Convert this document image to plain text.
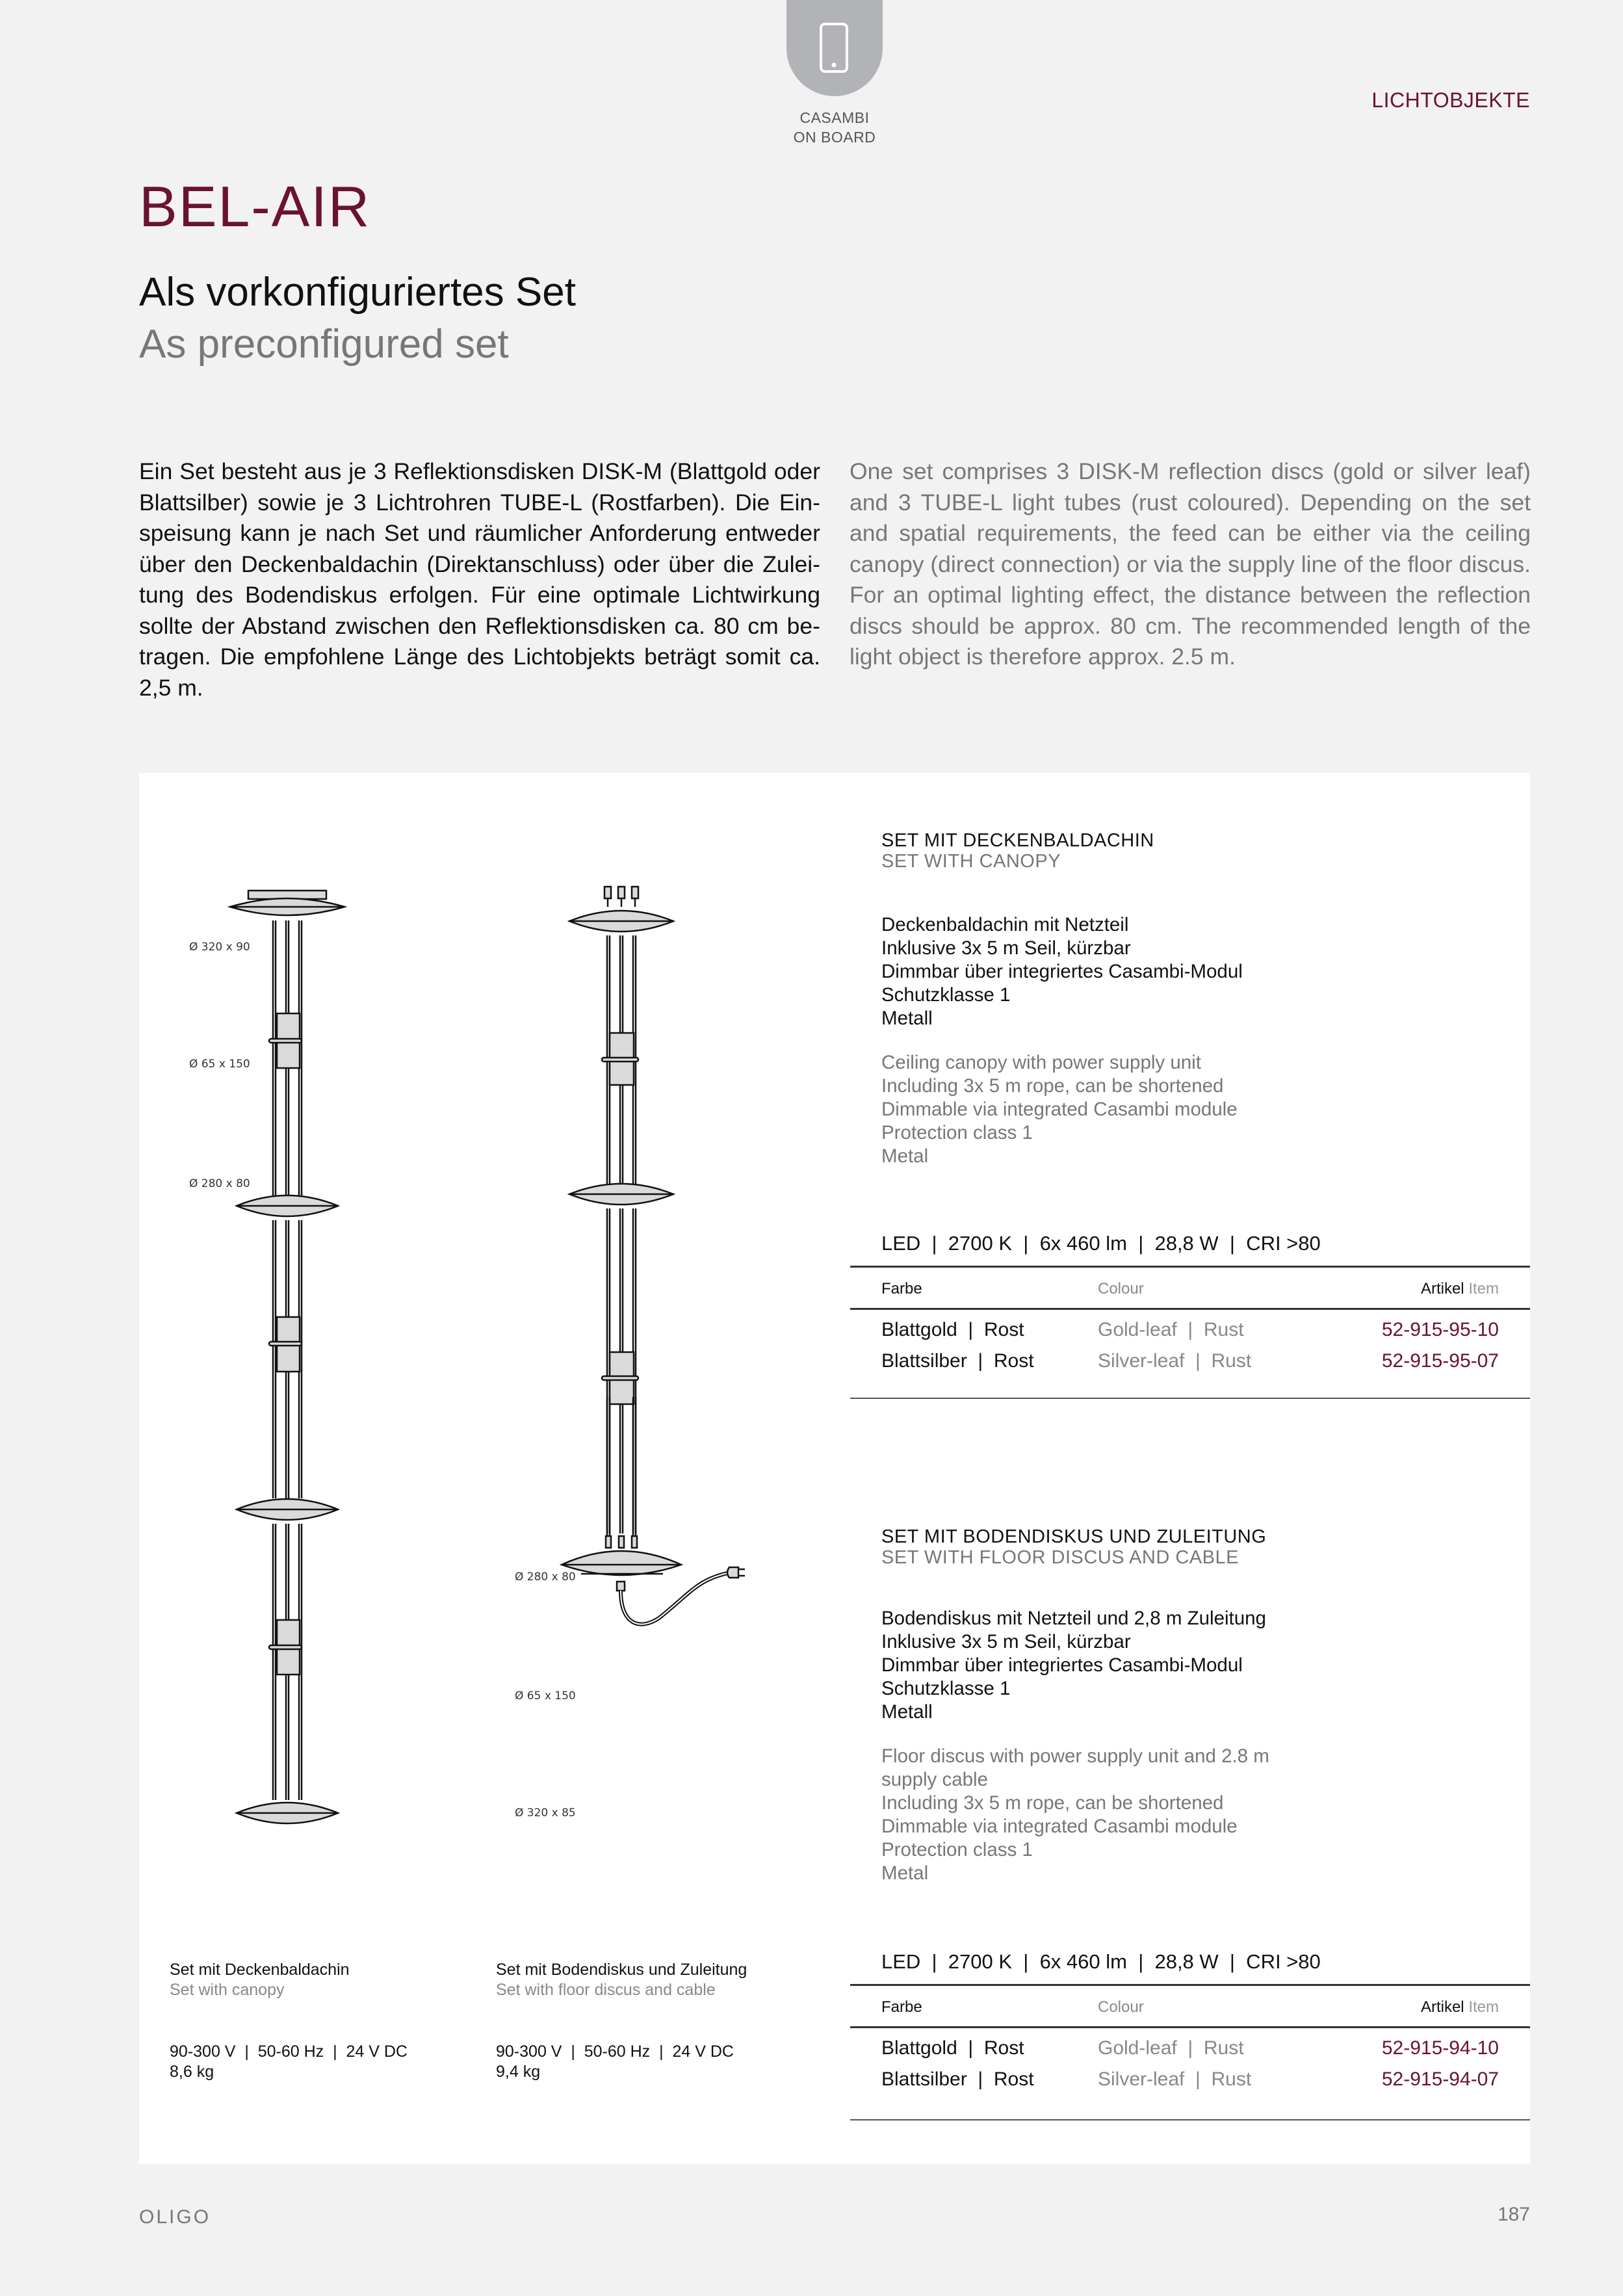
CASAMBI
ON BOARD
LICHTOBJEKTE
BEL-AIR
Als vorkonfiguriertes Set
As preconfigured set

Ein Set besteht aus je 3 Reflektionsdisken DISK-M (Blattgold oder Blattsilber) sowie je 3 Lichtrohren TUBE-L (Rostfarben). Die Einspeisung kann je nach Set und räumlicher Anforderung entweder über den Deckenbaldachin (Direktanschluss) oder über die Zuleitung des Bodendiskus erfolgen. Für eine optimale Lichtwirkung sollte der Abstand zwischen den Reflektionsdisken ca. 80 cm betragen. Die empfohlene Länge des Lichtobjekts beträgt somit ca. 2,5 m.

One set comprises 3 DISK-M reflection discs (gold or silver leaf) and 3 TUBE-L light tubes (rust coloured). Depending on the set and spatial requirements, the feed can be either via the ceiling canopy (direct connection) or via the supply line of the floor discus. For an optimal lighting effect, the distance between the reflection discs should be approx. 80 cm. The recommended length of the light object is therefore approx. 2.5 m.

Ø 320 x 90
Ø 65 x 150
Ø 280 x 80
Set mit Deckenbaldachin
Set with canopy
90-300 V  |  50-60 Hz  |  24 V DC
8,6 kg
Ø 280 x 80
Ø 65 x 150
Ø 320 x 85
Set mit Bodendiskus und Zuleitung
Set with floor discus and cable
90-300 V  |  50-60 Hz  |  24 V DC
9,4 kg
SET MIT DECKENBALDACHIN
SET WITH CANOPY
Deckenbaldachin mit Netzteil
Inklusive 3x 5 m Seil, kürzbar
Dimmbar über integriertes Casambi-Modul
Schutzklasse 1
Metall
Ceiling canopy with power supply unit
Including 3x 5 m rope, can be shortened
Dimmable via integrated Casambi module
Protection class 1
Metal
LED  |  2700 K  |  6x 460 lm  |  28,8 W  |  CRI >80
Farbe	Colour	Artikel Item
Blattgold  |  Rost	Gold-leaf  |  Rust	52-915-95-10
Blattsilber  |  Rost	Silver-leaf  |  Rust	52-915-95-07
SET MIT BODENDISKUS UND ZULEITUNG
SET WITH FLOOR DISCUS AND CABLE
Bodendiskus mit Netzteil und 2,8 m Zuleitung
Inklusive 3x 5 m Seil, kürzbar
Dimmbar über integriertes Casambi-Modul
Schutzklasse 1
Metall
Floor discus with power supply unit and 2.8 m supply cable
Including 3x 5 m rope, can be shortened
Dimmable via integrated Casambi module
Protection class 1
Metal
LED  |  2700 K  |  6x 460 lm  |  28,8 W  |  CRI >80
Farbe	Colour	Artikel Item
Blattgold  |  Rost	Gold-leaf  |  Rust	52-915-94-10
Blattsilber  |  Rost	Silver-leaf  |  Rust	52-915-94-07
OLIGO	187
